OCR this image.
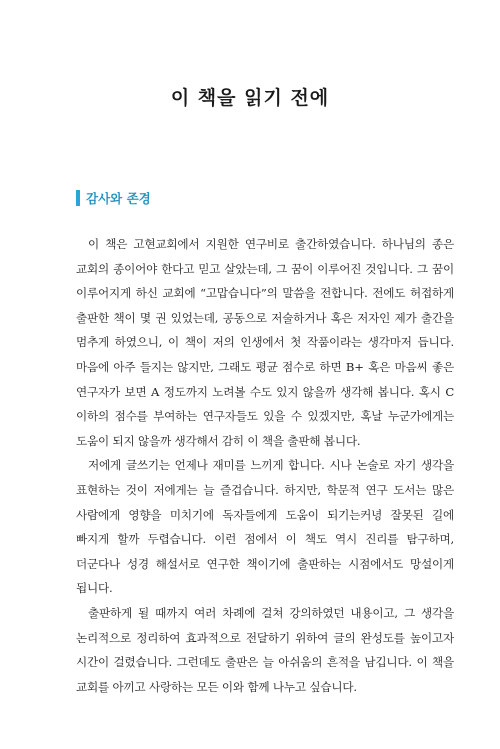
이 책을 읽기 전에
감사와 존경

이 책은 고현교회에서 지원한 연구비로 출간하였습니다. 하나님의 종은 교회의 종이어야 한다고 믿고 살았는데, 그 꿈이 이루어진 것입니다. 그 꿈이 이루어지게 하신 교회에 “고맙습니다”의 말씀을 전합니다. 전에도 허접하게 출판한 책이 몇 권 있었는데, 공동으로 저술하거나 혹은 저자인 제가 출간을 멈추게 하였으니, 이 책이 저의 인생에서 첫 작품이라는 생각마저 듭니다. 마음에 아주 들지는 않지만, 그래도 평균 점수로 하면 B+ 혹은 마음씨 좋은 연구자가 보면 A 정도까지 노려볼 수도 있지 않을까 생각해 봅니다. 혹시 C 이하의 점수를 부여하는 연구자들도 있을 수 있겠지만, 혹날 누군가에게는 도움이 되지 않을까 생각해서 감히 이 책을 출판해 봅니다.

저에게 글쓰기는 언제나 재미를 느끼게 합니다. 시나 논술로 자기 생각을 표현하는 것이 저에게는 늘 즐겁습니다. 하지만, 학문적 연구 도서는 많은 사람에게 영향을 미치기에 독자들에게 도움이 되기는커녕 잘못된 길에 빠지게 할까 두렵습니다. 이런 점에서 이 책도 역시 진리를 탐구하며, 더군다나 성경 해설서로 연구한 책이기에 출판하는 시점에서도 망설이게 됩니다.

출판하게 될 때까지 여러 차례에 걸쳐 강의하였던 내용이고, 그 생각을 논리적으로 정리하여 효과적으로 전달하기 위하여 글의 완성도를 높이고자 시간이 걸렸습니다. 그런데도 출판은 늘 아쉬움의 흔적을 남깁니다. 이 책을 교회를 아끼고 사랑하는 모든 이와 함께 나누고 싶습니다.
